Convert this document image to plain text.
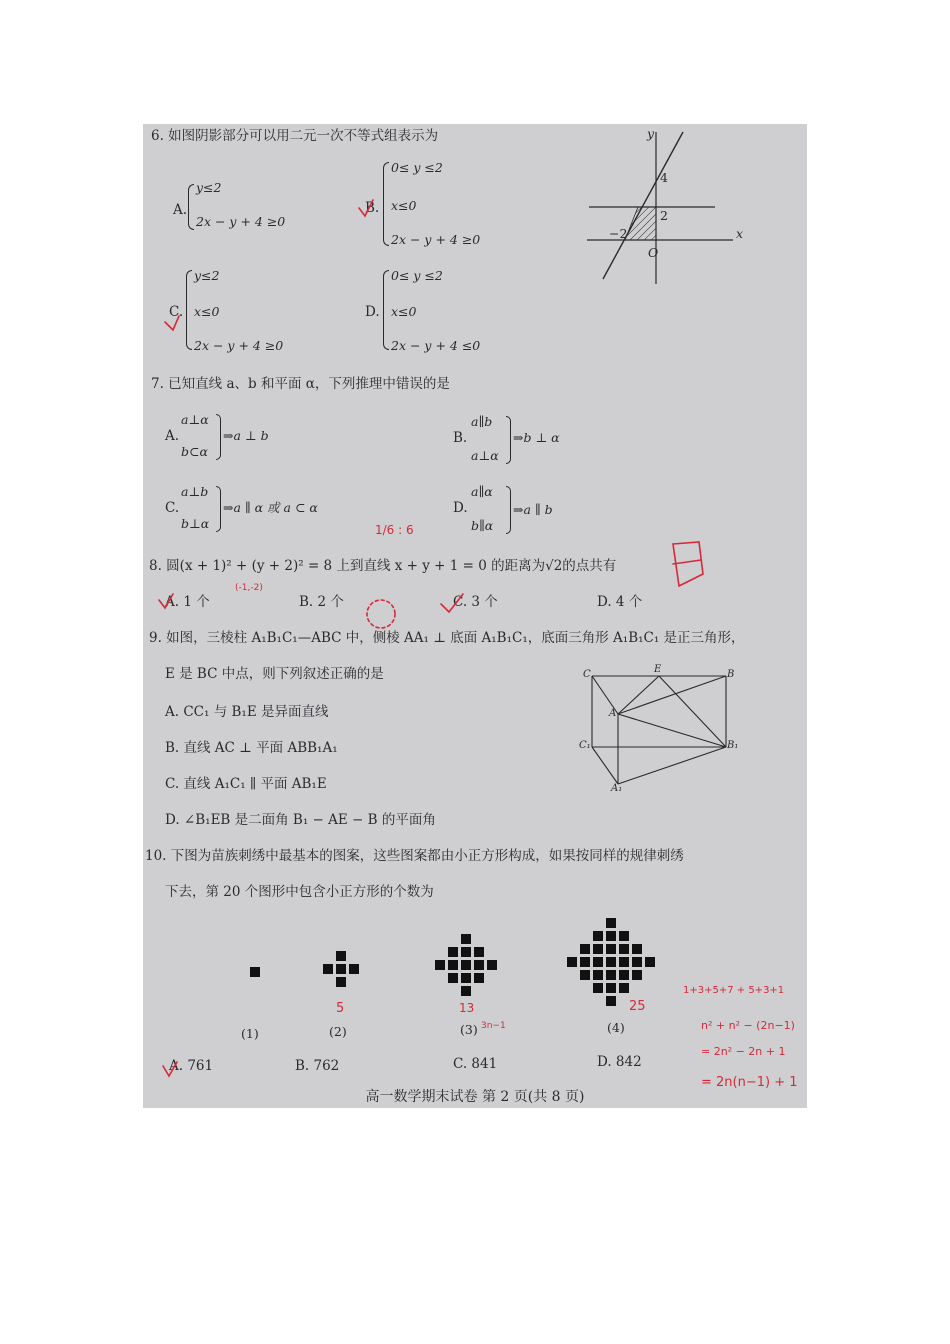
6. 如图阴影部分可以用二元一次不等式组表示为
A.
y≤2
2x − y + 4 ≥0
B.
0≤ y ≤2
x≤0
2x − y + 4 ≥0
C.
y≤2
x≤0
2x − y + 4 ≥0
D.
0≤ y ≤2
x≤0
2x − y + 4 ≤0
y
x
O
4
2
−2
7. 已知直线 a、b 和平面 α，下列推理中错误的是
A.
a⊥α
b⊂α
⇒a ⊥ b	B.
a∥b
a⊥α
⇒b ⊥ α
C.
a⊥b
b⊥α
⇒a ∥ α 或 a ⊂ α	D.
a∥α
b∥α
⇒a ∥ b
8. 圆(x + 1)² + (y + 2)² = 8 上到直线 x + y + 1 = 0 的距离为√2的点共有
A. 1 个	B. 2 个	C. 3 个	D. 4 个
9. 如图，三棱柱 A₁B₁C₁—ABC 中，侧棱 AA₁ ⊥ 底面 A₁B₁C₁，底面三角形 A₁B₁C₁ 是正三角形，
E 是 BC 中点，则下列叙述正确的是
A. CC₁ 与 B₁E 是异面直线
B. 直线 AC ⊥ 平面 ABB₁A₁
C. 直线 A₁C₁ ∥ 平面 AB₁E
D. ∠B₁EB 是二面角 B₁ − AE − B 的平面角
C	E	B
A
C₁	B₁
A₁
10. 下图为苗族刺绣中最基本的图案，这些图案都由小正方形构成，如果按同样的规律刺绣
下去，第 20 个图形中包含小正方形的个数为
(1)	(2)	(3)	(4)
A. 761	B. 762	C. 841	D. 842
高一数学期末试卷 第 2 页(共 8 页)
1/6 : 6
(-1,-2)
5	13
3n−1
25
1+3+5+7 + 5+3+1
n² + n² − (2n−1)
= 2n² − 2n + 1
= 2n(n−1) + 1
